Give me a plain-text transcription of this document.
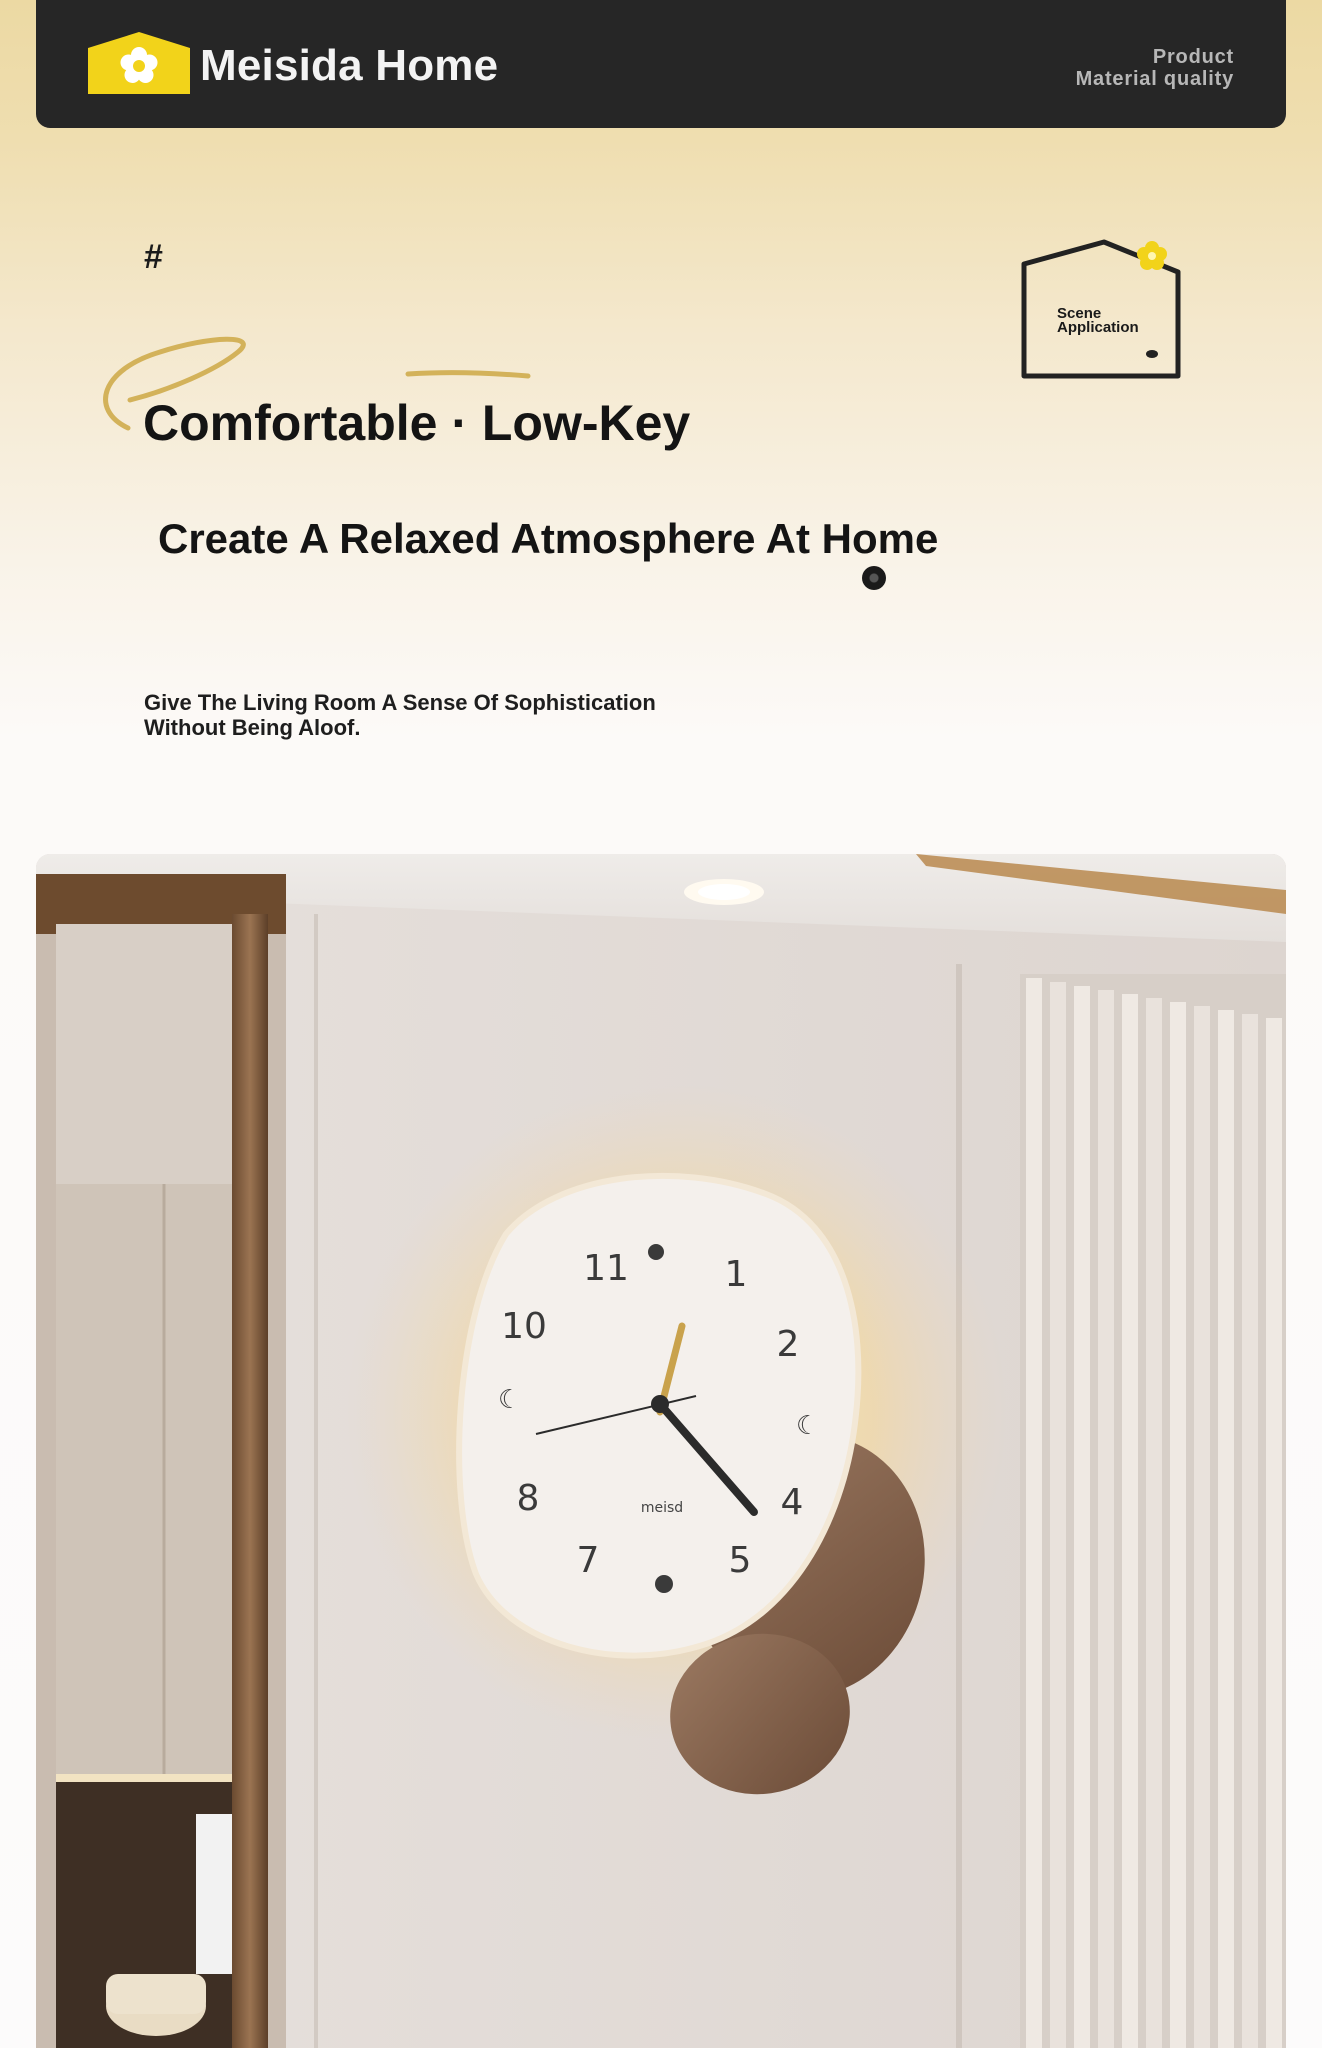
Meisida Home	Product
Material quality
#
Comfortable · Low-Key
Create A Relaxed Atmosphere At Home
Give The Living Room A Sense Of Sophistication
Without Being Aloof.
Scene
Application
11	1
10	2
8	4
7	5
☾
☾
meisd
